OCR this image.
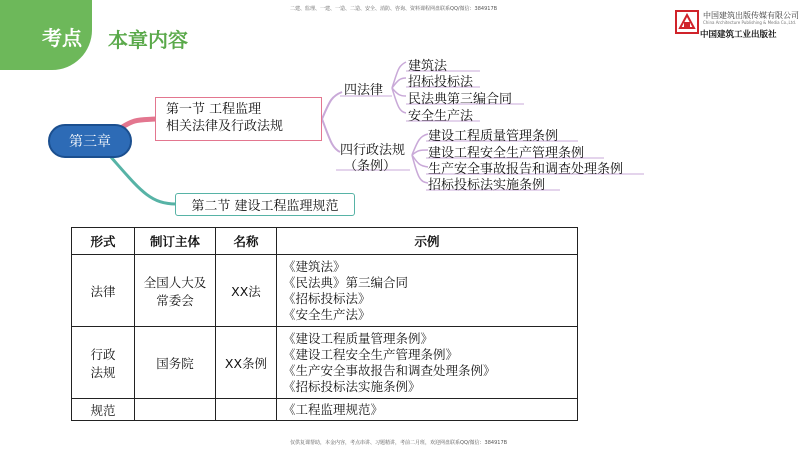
考点 本章内容
二建、监理、一建、一造、二造、安全、消防、咨询、资料课程网盘联系QQ/微信：384917B
中国建筑出版传媒有限公司
China Architecture Publishing & Media Co.,Ltd.
中国建筑工业出版社
第三章
第一节 工程监理
相关法律及行政法规
第二节 建设工程监理规范
四法律
建筑法
招标投标法
民法典第三编合同
安全生产法
四行政法规
（条例）
建设工程质量管理条例
建设工程安全生产管理条例
生产安全事故报告和调查处理条例
招标投标法实施条例
形式	制订主体	名称	示例
法律	全国人大及常委会	XX法	《建筑法》
《民法典》第三编合同
《招标投标法》
《安全生产法》

行政法规	国务院	XX条例	《建设工程质量管理条例》
《建设工程安全生产管理条例》
《生产安全事故报告和调查处理条例》
《招标投标法实施条例》

规范			《工程监理规范》
仅供复课帮助，本金内容，考点串讲、习题精讲，考前二月班，欢迎网盘联系QQ/微信：384917B
